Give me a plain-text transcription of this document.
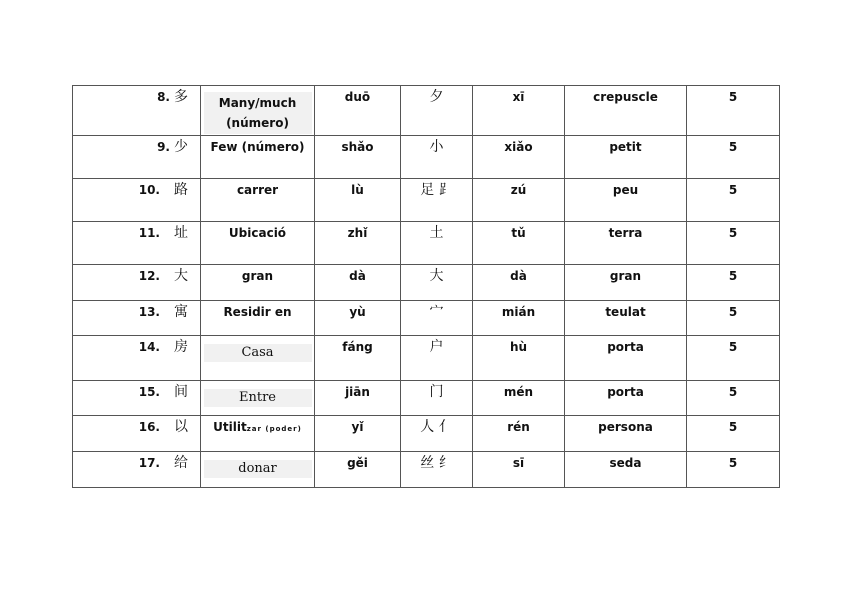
8. 多	Many/much (número)	duō	夕	xī	crepuscle	5
9. 少	Few (número)	shǎo	小	xiǎo	petit	5
10. 路	carrer	lù	足 ⻊	zú	peu	5
11. 址	Ubicació	zhǐ	土	tǔ	terra	5
12. 大	gran	dà	大	dà	gran	5
13. 寓	Residir en	yù	宀	mián	teulat	5
14. 房	Casa	fáng	户	hù	porta	5
15. 间	Entre	jiān	门	mén	porta	5
16. 以	Utilitzar (poder)	yǐ	人 亻	rén	persona	5
17. 给	donar	gěi	丝 纟	sī	seda	5
